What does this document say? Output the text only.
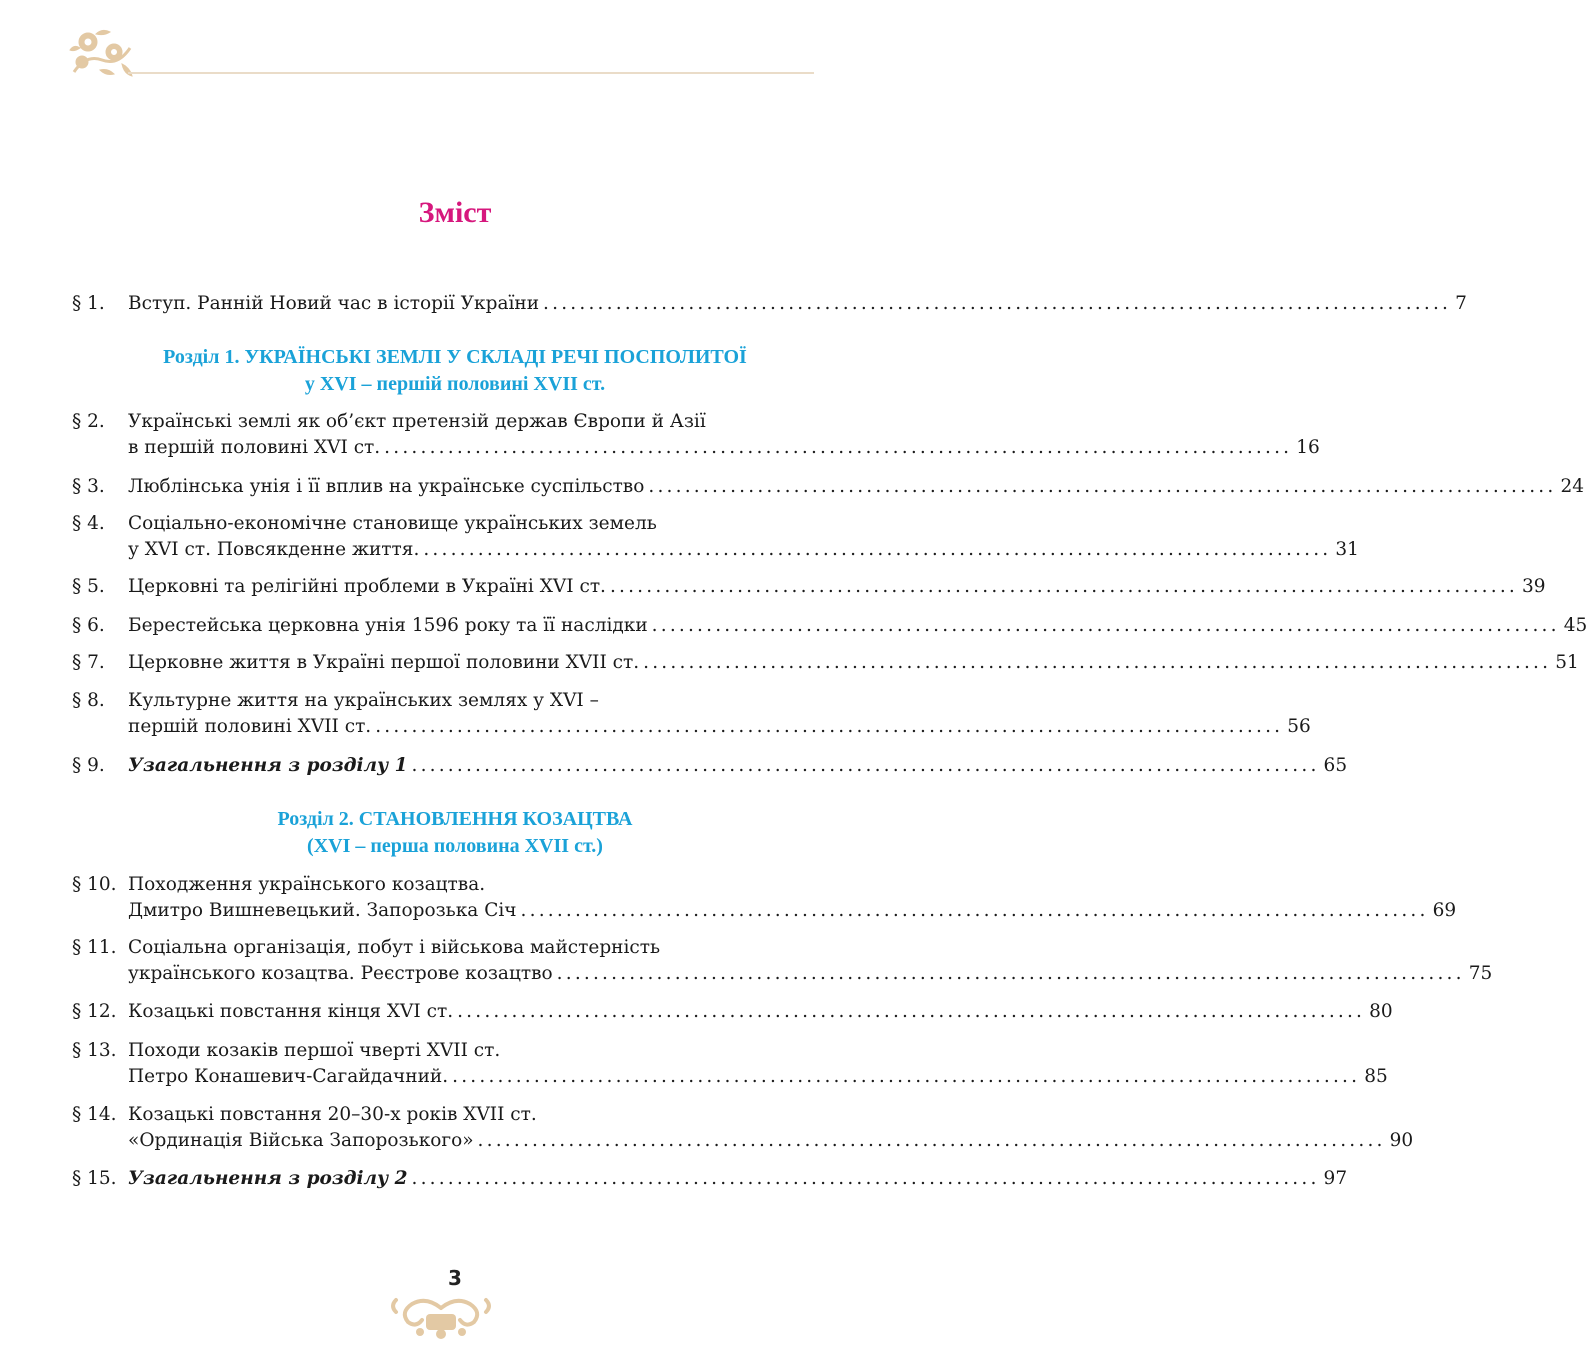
Зміст
§ 1. Вступ. Ранній Новий час в історії України .................................................................................................... 7
Розділ 1. УКРАЇНСЬКІ ЗЕМЛІ У СКЛАДІ РЕЧІ ПОСПОЛИТОЇ
у XVI – першій половині XVII ст.
§ 2. Українські землі як об’єкт претензій держав Європи й Азії
в першій половині XVI ст. .................................................................................................... 16
§ 3. Люблінська унія і її вплив на українське суспільство .................................................................................................... 24
§ 4. Соціально-економічне становище українських земель
у XVI ст. Повсякденне життя. .................................................................................................... 31
§ 5. Церковні та релігійні проблеми в Україні XVI ст. .................................................................................................... 39
§ 6. Берестейська церковна унія 1596 року та її наслідки .................................................................................................... 45
§ 7. Церковне життя в Україні першої половини XVII ст. .................................................................................................... 51
§ 8. Культурне життя на українських землях у XVI –
першій половині XVII ст. .................................................................................................... 56
§ 9. Узагальнення з розділу 1 .................................................................................................... 65
Розділ 2. СТАНОВЛЕННЯ КОЗАЦТВА
(XVI – перша половина XVII ст.)
§ 10. Походження українського козацтва.
Дмитро Вишневецький. Запорозька Січ .................................................................................................... 69
§ 11. Соціальна організація, побут і військова майстерність
українського козацтва. Реєстрове козацтво .................................................................................................... 75
§ 12. Козацькі повстання кінця XVI ст. .................................................................................................... 80
§ 13. Походи козаків першої чверті XVII ст.
Петро Конашевич-Сагайдачний. .................................................................................................... 85
§ 14. Козацькі повстання 20–30-х років XVII ст.
«Ординація Війська Запорозького» .................................................................................................... 90
§ 15. Узагальнення з розділу 2 .................................................................................................... 97
3
